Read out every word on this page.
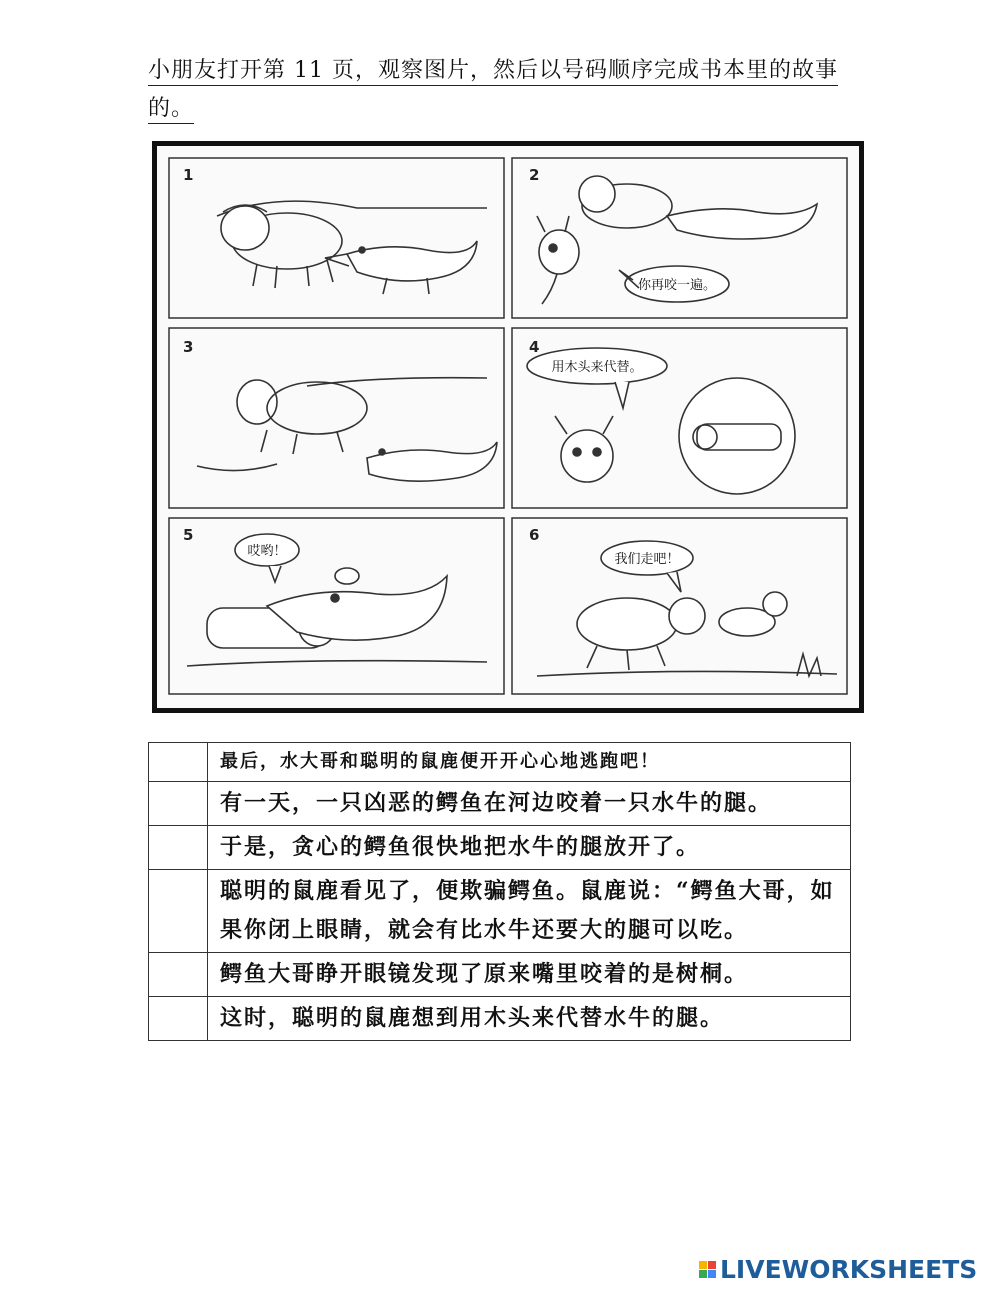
小朋友打开第 11 页，观察图片，然后以号码顺序完成书本里的故事的。
1	2
3	4
5	6
你再咬一遍。
用木头来代替。
哎哟！
我们走吧！
	最后，水大哥和聪明的鼠鹿便开开心心地逃跑吧！
	有一天，一只凶恶的鳄鱼在河边咬着一只水牛的腿。
	于是，贪心的鳄鱼很快地把水牛的腿放开了。
	聪明的鼠鹿看见了，便欺骗鳄鱼。鼠鹿说：“鳄鱼大哥，如果你闭上眼睛，就会有比水牛还要大的腿可以吃。
	鳄鱼大哥睁开眼镜发现了原来嘴里咬着的是树桐。
	这时，聪明的鼠鹿想到用木头来代替水牛的腿。
LIVEWORKSHEETS
